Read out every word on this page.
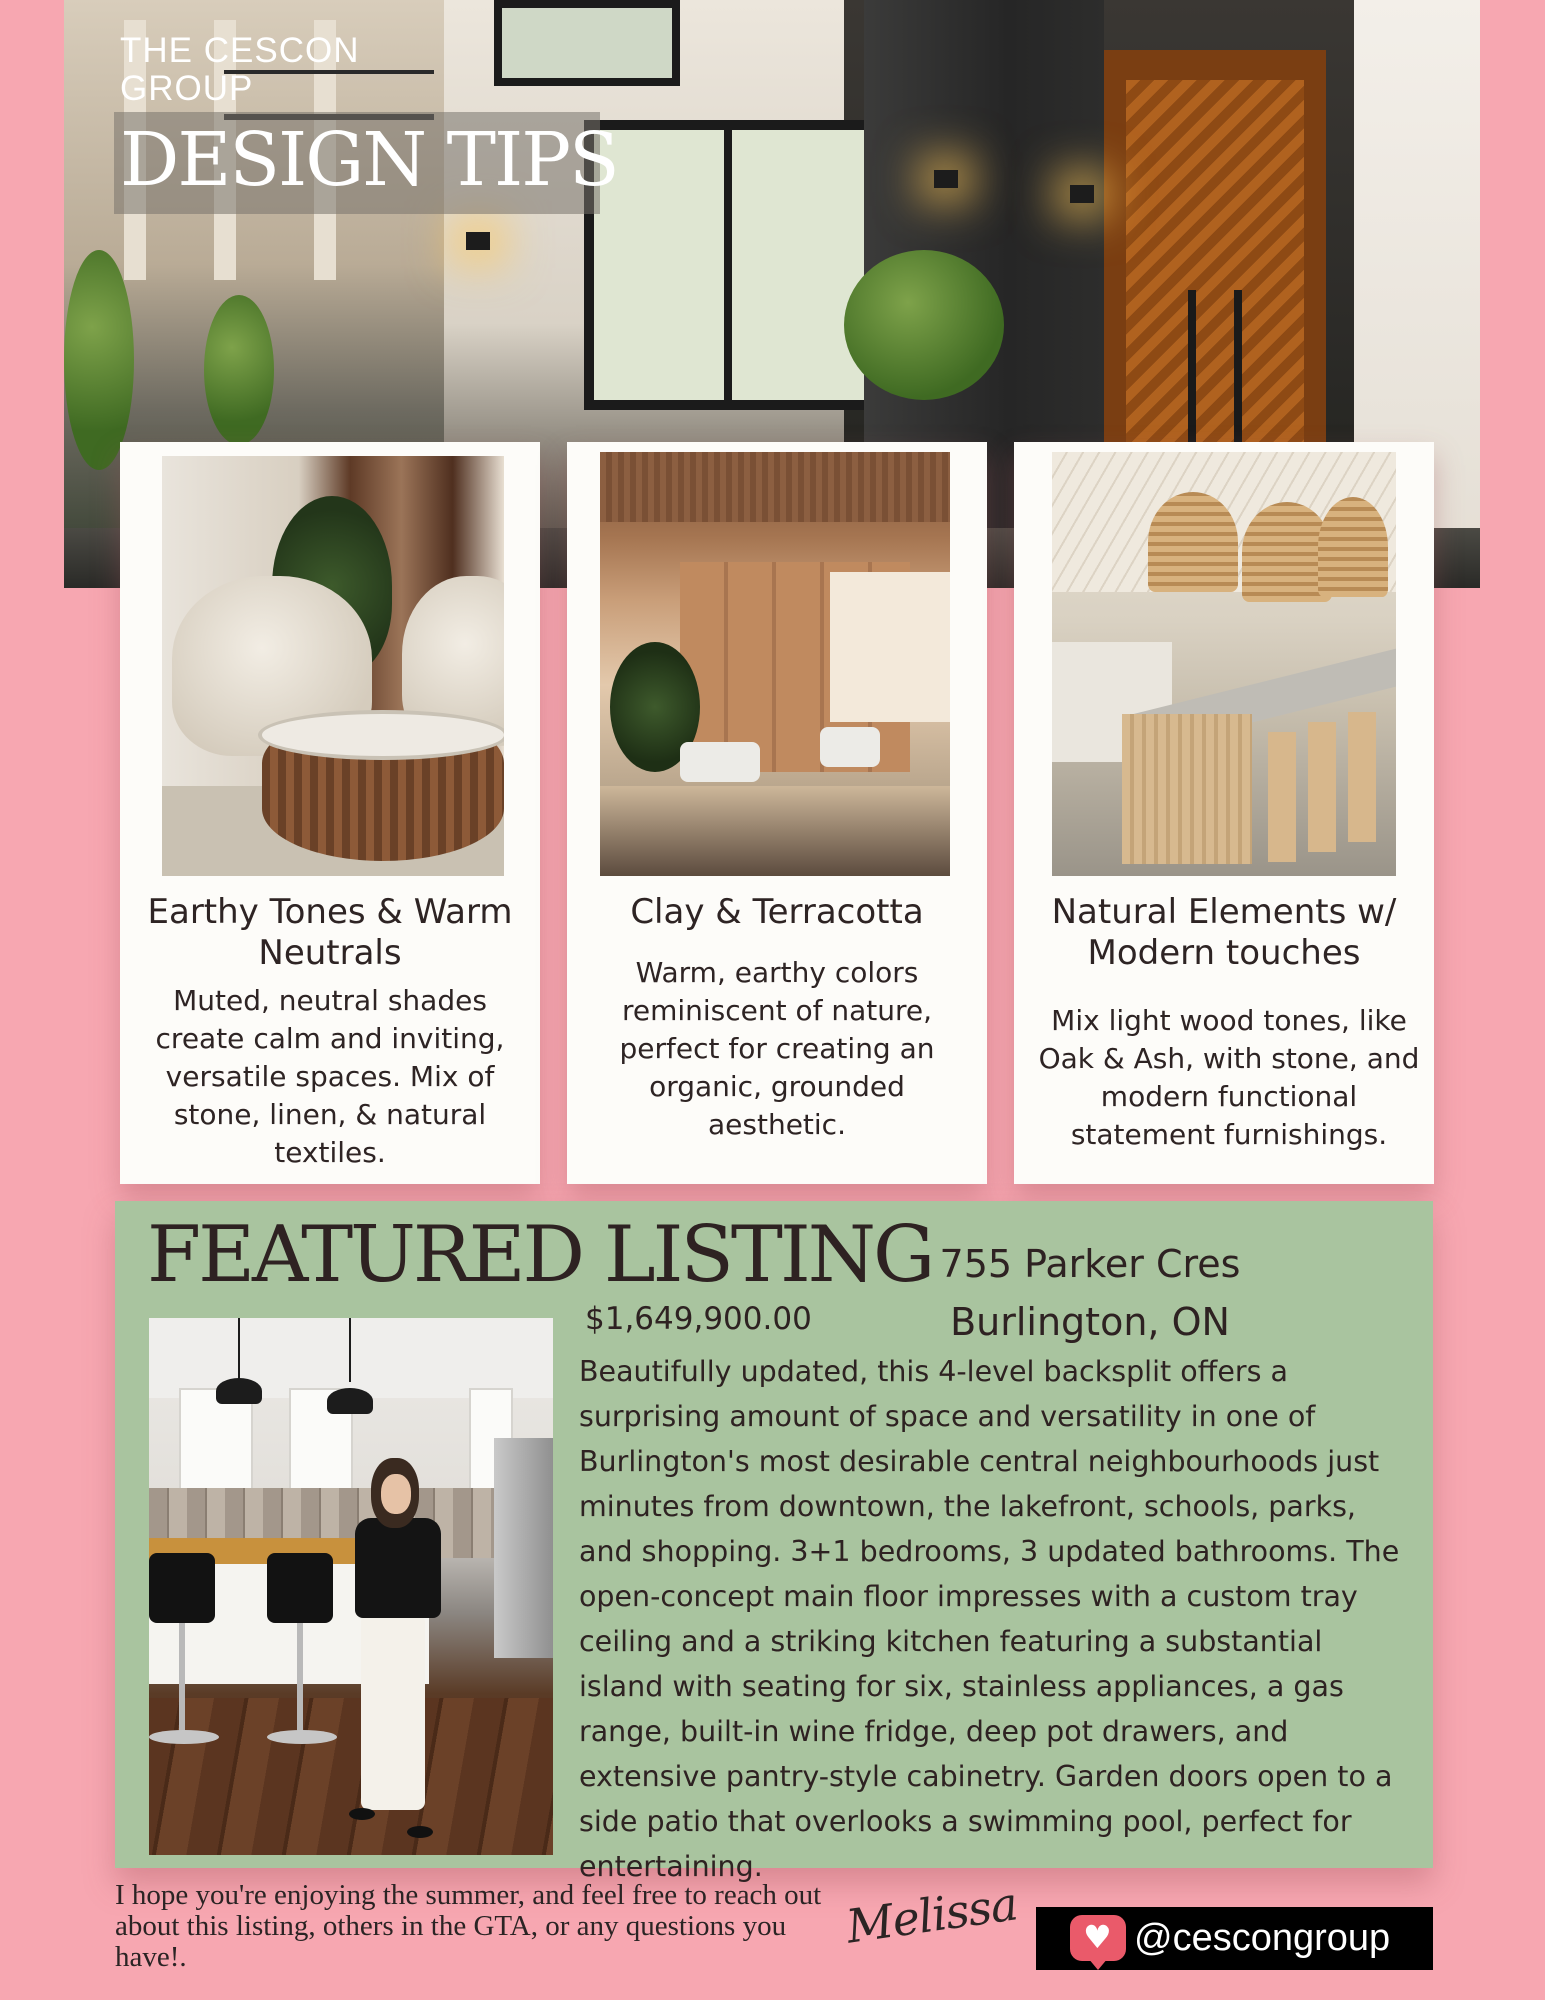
THE CESCON GROUP
DESIGN TIPS
Earthy Tones & Warm Neutrals

Muted, neutral shades create calm and inviting, versatile spaces. Mix of stone, linen, & natural textiles.

Clay & Terracotta

Warm, earthy colors reminiscent of nature, perfect for creating an organic, grounded aesthetic.

Natural Elements w/ Modern touches

Mix light wood tones, like Oak & Ash, with stone, and modern functional statement furnishings.

FEATURED LISTING 755 Parker Cres
Burlington, ON
$1,649,900.00

Beautifully updated, this 4-level backsplit offers a surprising amount of space and versatility in one of Burlington's most desirable central neighbourhoods just minutes from downtown, the lakefront, schools, parks, and shopping. 3+1 bedrooms, 3 updated bathrooms. The open-concept main floor impresses with a custom tray ceiling and a striking kitchen featuring a substantial island with seating for six, stainless appliances, a gas range, built-in wine fridge, deep pot drawers, and extensive pantry-style cabinetry. Garden doors open to a side patio that overlooks a swimming pool, perfect for entertaining.

I hope you're enjoying the summer, and feel free to reach out about this listing, others in the GTA, or any questions you have!.

Melissa
♥	@cescongroup
